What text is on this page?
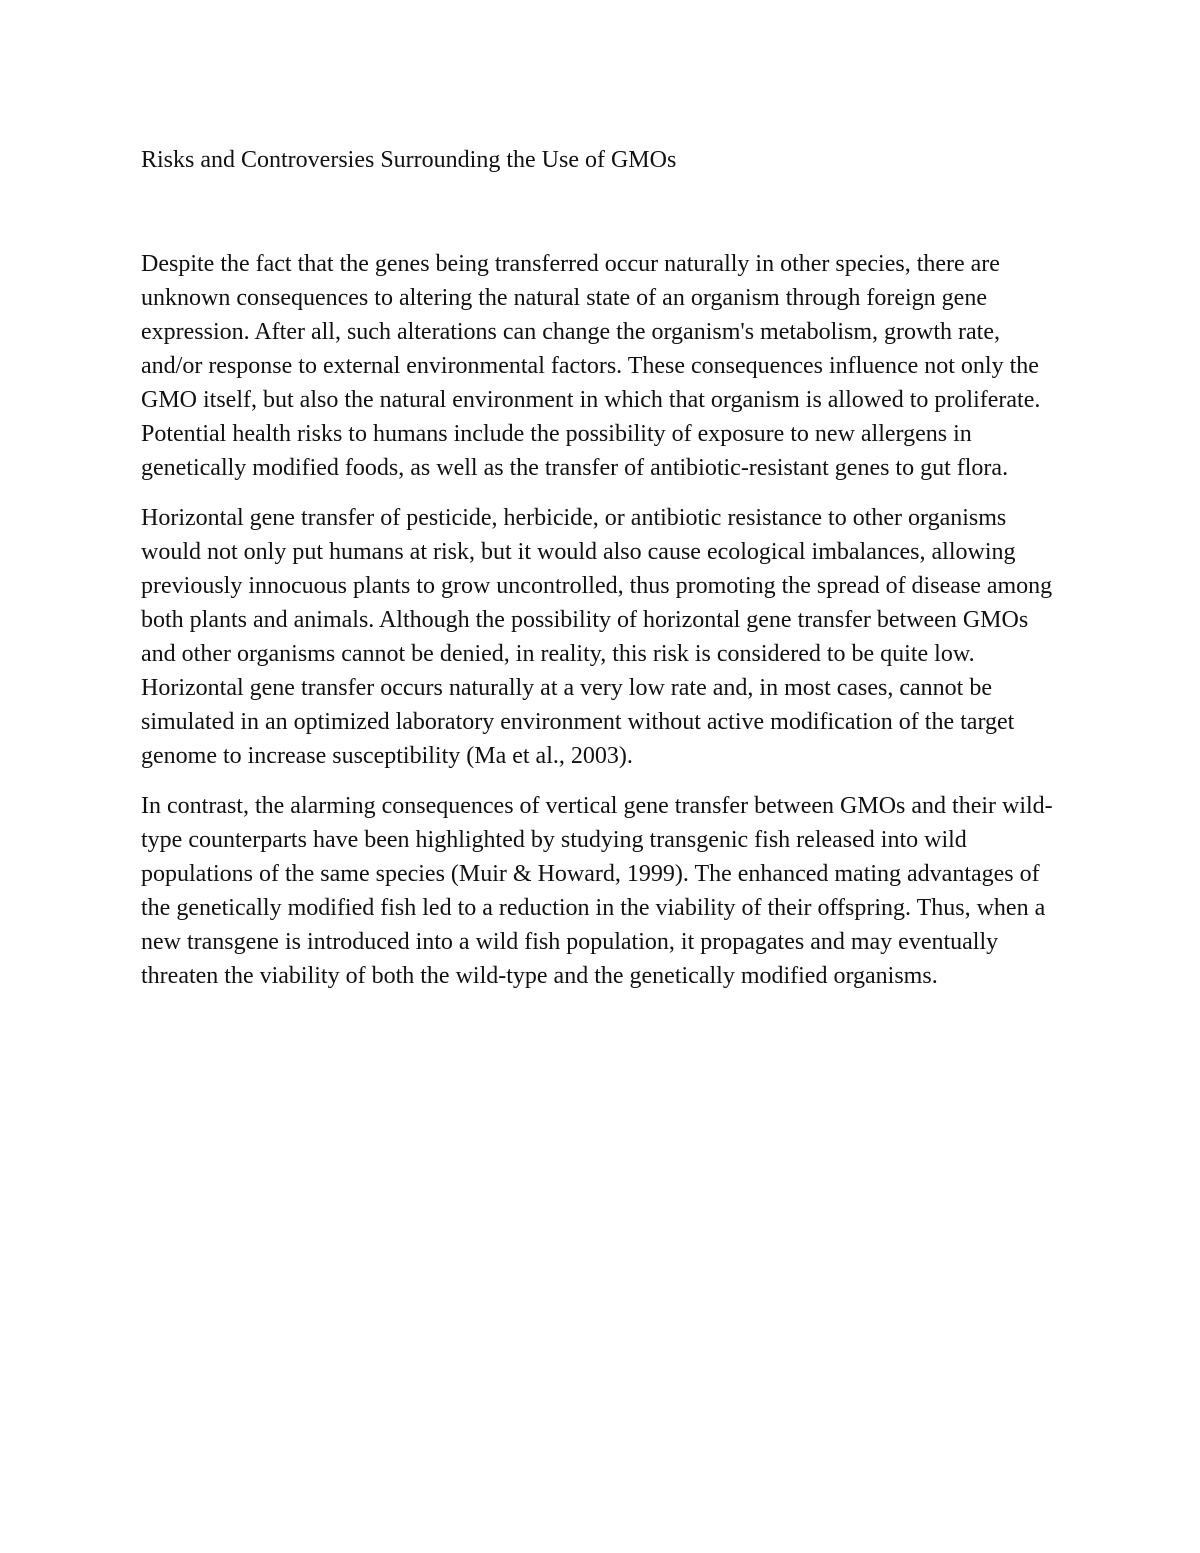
Risks and Controversies Surrounding the Use of GMOs

Despite the fact that the genes being transferred occur naturally in other species, there are unknown consequences to altering the natural state of an organism through foreign gene expression. After all, such alterations can change the organism's metabolism, growth rate, and/or response to external environmental factors. These consequences influence not only the GMO itself, but also the natural environment in which that organism is allowed to proliferate. Potential health risks to humans include the possibility of exposure to new allergens in genetically modified foods, as well as the transfer of antibiotic-resistant genes to gut flora.

Horizontal gene transfer of pesticide, herbicide, or antibiotic resistance to other organisms would not only put humans at risk, but it would also cause ecological imbalances, allowing previously innocuous plants to grow uncontrolled, thus promoting the spread of disease among both plants and animals. Although the possibility of horizontal gene transfer between GMOs and other organisms cannot be denied, in reality, this risk is considered to be quite low. Horizontal gene transfer occurs naturally at a very low rate and, in most cases, cannot be simulated in an optimized laboratory environment without active modification of the target genome to increase susceptibility (Ma et al., 2003).

In contrast, the alarming consequences of vertical gene transfer between GMOs and their wild-type counterparts have been highlighted by studying transgenic fish released into wild populations of the same species (Muir & Howard, 1999). The enhanced mating advantages of the genetically modified fish led to a reduction in the viability of their offspring. Thus, when a new transgene is introduced into a wild fish population, it propagates and may eventually threaten the viability of both the wild-type and the genetically modified organisms.
